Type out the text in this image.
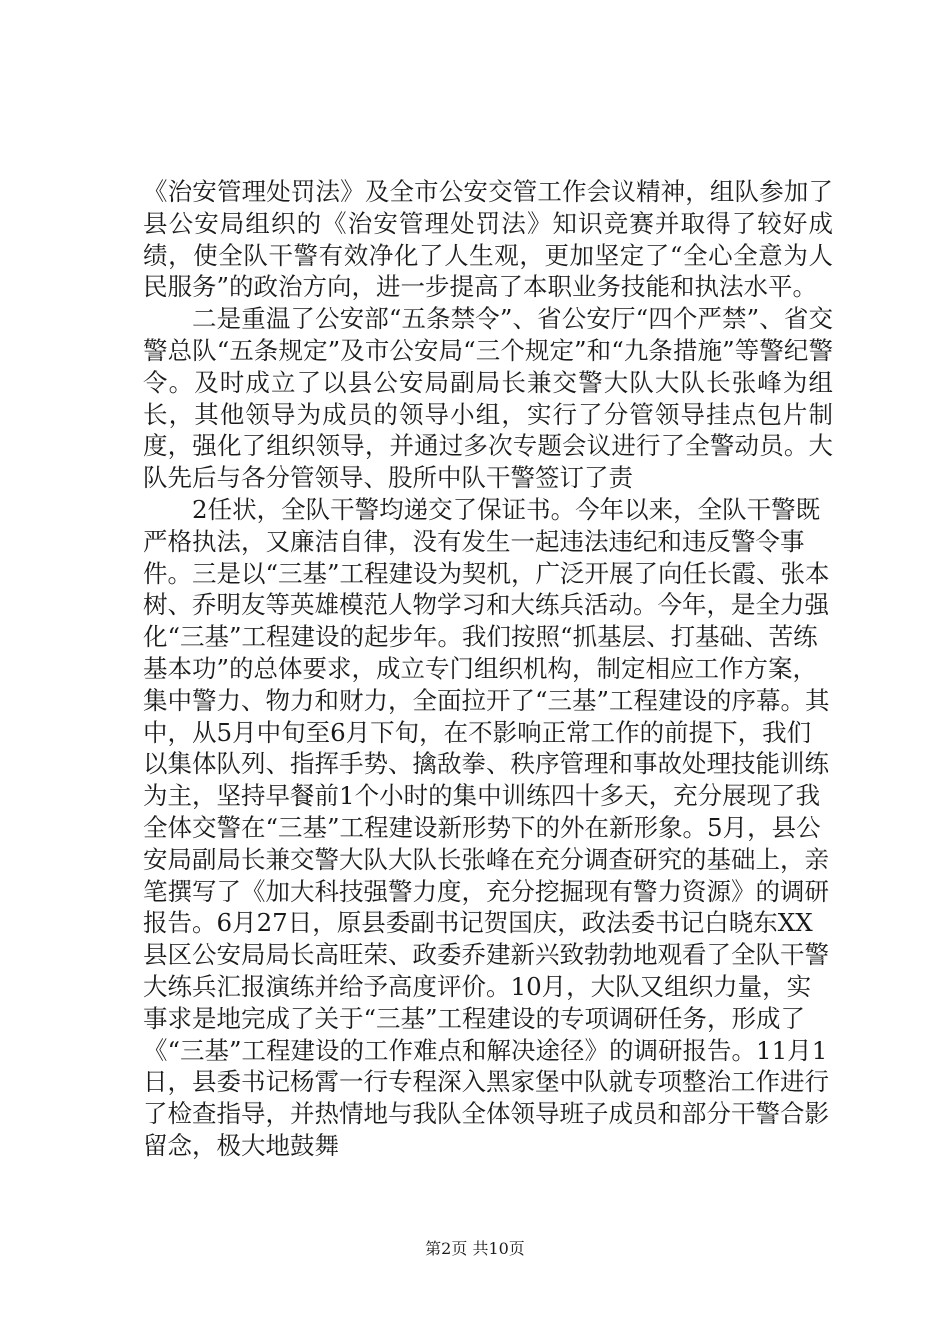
《治安管理处罚法》及全市公安交管工作会议精神，组队参加了县公安局组织的《治安管理处罚法》知识竞赛并取得了较好成绩，使全队干警有效净化了人生观，更加坚定了“全心全意为人民服务”的政治方向，进一步提高了本职业务技能和执法水平。

二是重温了公安部“五条禁令”、省公安厅“四个严禁”、省交警总队“五条规定”及市公安局“三个规定”和“九条措施”等警纪警令。及时成立了以县公安局副局长兼交警大队大队长张峰为组长，其他领导为成员的领导小组，实行了分管领导挂点包片制度，强化了组织领导，并通过多次专题会议进行了全警动员。大队先后与各分管领导、股所中队干警签订了责

2任状，全队干警均递交了保证书。今年以来，全队干警既严格执法，又廉洁自律，没有发生一起违法违纪和违反警令事件。三是以“三基”工程建设为契机，广泛开展了向任长霞、张本树、乔明友等英雄模范人物学习和大练兵活动。今年，是全力强化“三基”工程建设的起步年。我们按照“抓基层、打基础、苦练基本功”的总体要求，成立专门组织机构，制定相应工作方案，集中警力、物力和财力，全面拉开了“三基”工程建设的序幕。其中，从5月中旬至6月下旬，在不影响正常工作的前提下，我们以集体队列、指挥手势、擒敌拳、秩序管理和事故处理技能训练为主，坚持早餐前1个小时的集中训练四十多天，充分展现了我全体交警在“三基”工程建设新形势下的外在新形象。5月，县公安局副局长兼交警大队大队长张峰在充分调查研究的基础上，亲笔撰写了《加大科技强警力度，充分挖掘现有警力资源》的调研报告。6月27日，原县委副书记贺国庆，政法委书记白晓东XX县区公安局局长高旺荣、政委乔建新兴致勃勃地观看了全队干警大练兵汇报演练并给予高度评价。10月，大队又组织力量，实事求是地完成了关于“三基”工程建设的专项调研任务，形成了《“三基”工程建设的工作难点和解决途径》的调研报告。11月1日，县委书记杨霄一行专程深入黑家堡中队就专项整治工作进行了检查指导，并热情地与我队全体领导班子成员和部分干警合影留念，极大地鼓舞

第2页 共10页
